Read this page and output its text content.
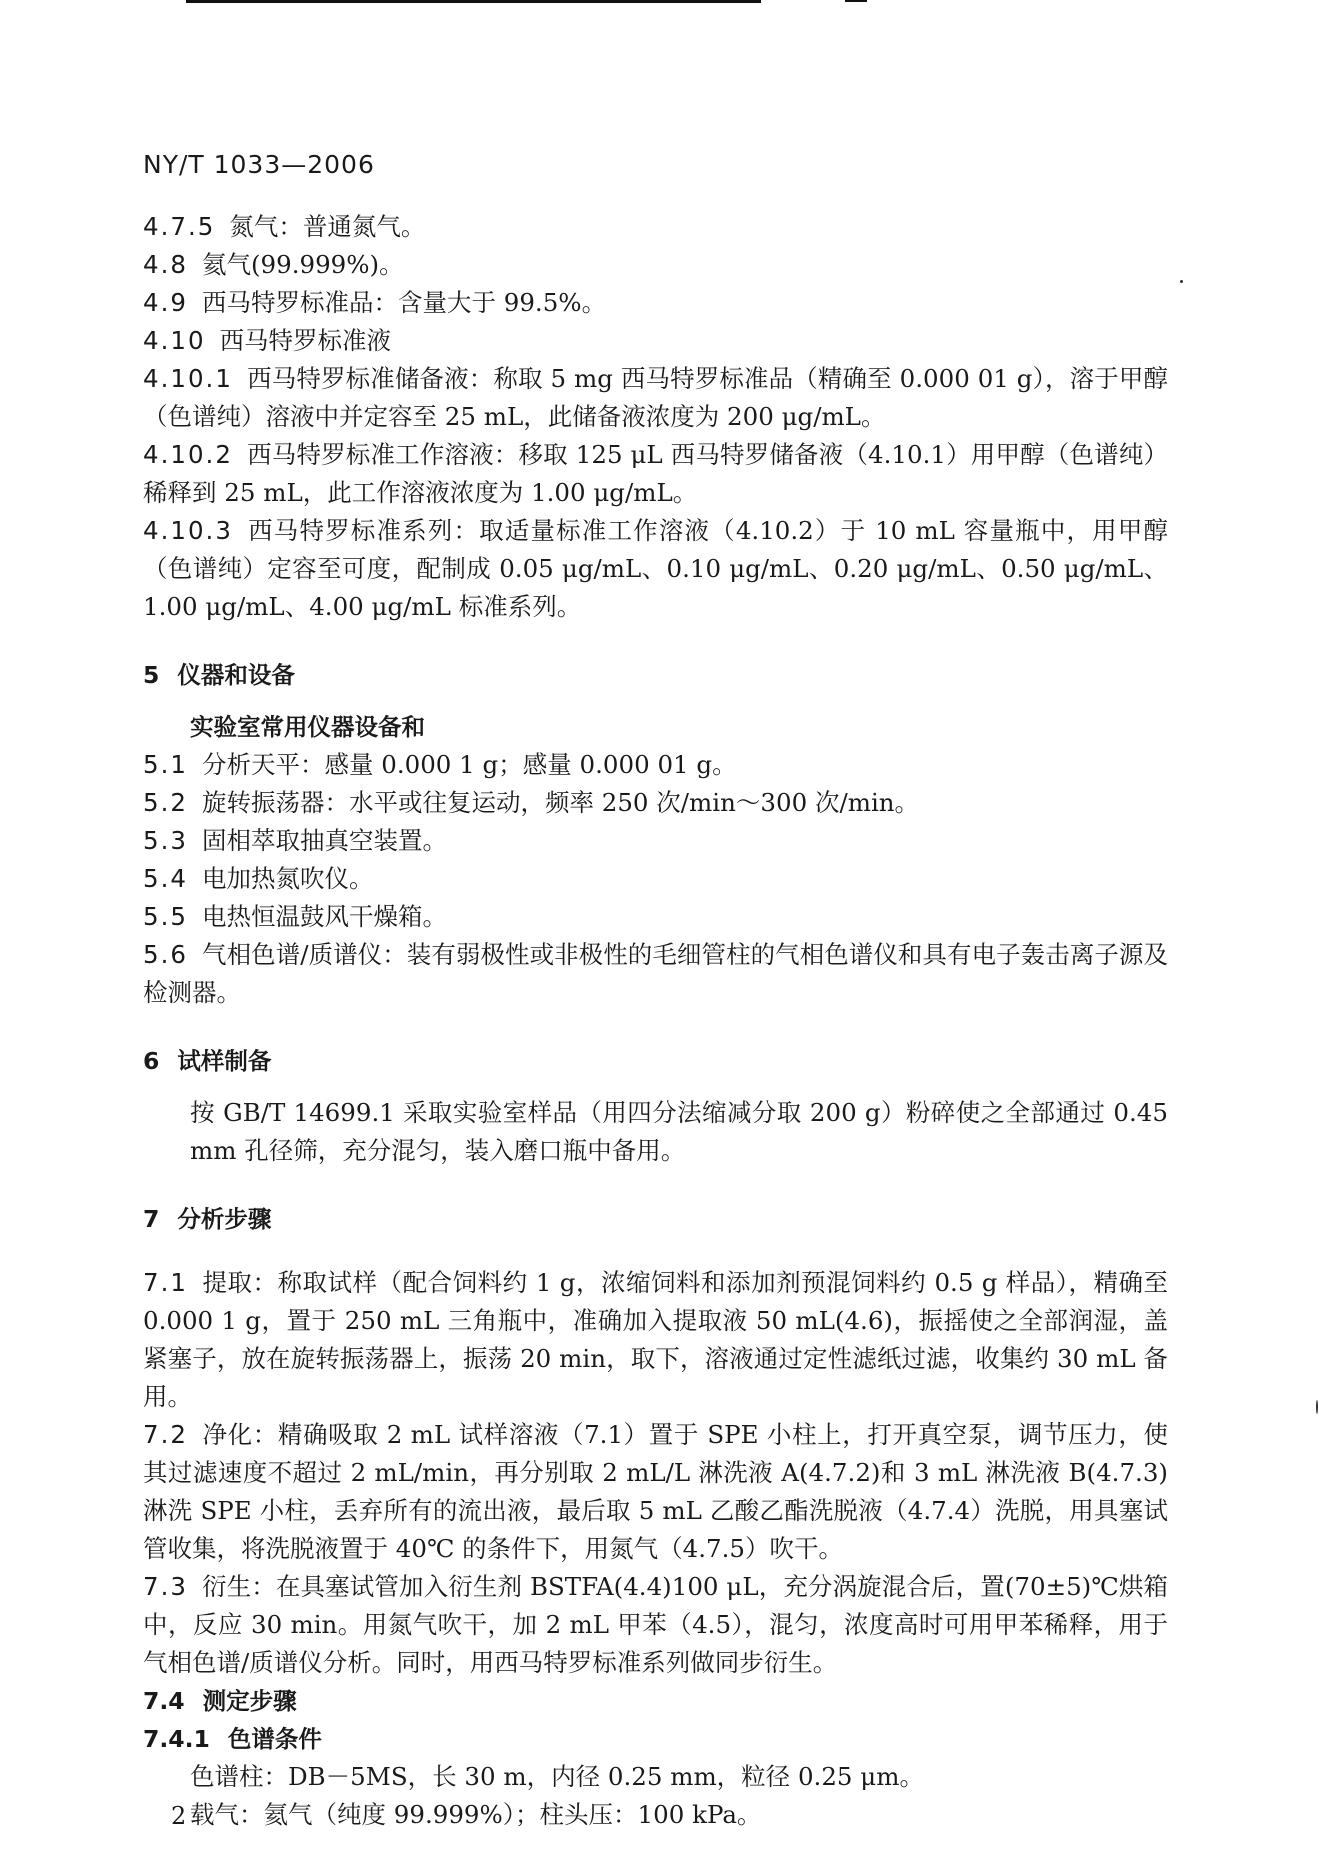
NY/T 1033—2006

4.7.5 氮气：普通氮气。

4.8 氦气(99.999%)。

4.9 西马特罗标准品：含量大于 99.5%。

4.10 西马特罗标准液

4.10.1 西马特罗标准储备液：称取 5 mg 西马特罗标准品（精确至 0.000 01 g），溶于甲醇（色谱纯）溶液中并定容至 25 mL，此储备液浓度为 200 μg/mL。

4.10.2 西马特罗标准工作溶液：移取 125 μL 西马特罗储备液（4.10.1）用甲醇（色谱纯）稀释到 25 mL，此工作溶液浓度为 1.00 μg/mL。

4.10.3 西马特罗标准系列：取适量标准工作溶液（4.10.2）于 10 mL 容量瓶中，用甲醇（色谱纯）定容至可度，配制成 0.05 μg/mL、0.10 μg/mL、0.20 μg/mL、0.50 μg/mL、1.00 μg/mL、4.00 μg/mL 标准系列。

5 仪器和设备

实验室常用仪器设备和

5.1 分析天平：感量 0.000 1 g；感量 0.000 01 g。

5.2 旋转振荡器：水平或往复运动，频率 250 次/min～300 次/min。

5.3 固相萃取抽真空装置。

5.4 电加热氮吹仪。

5.5 电热恒温鼓风干燥箱。

5.6 气相色谱/质谱仪：装有弱极性或非极性的毛细管柱的气相色谱仪和具有电子轰击离子源及检测器。

6 试样制备

按 GB/T 14699.1 采取实验室样品（用四分法缩减分取 200 g）粉碎使之全部通过 0.45 mm 孔径筛，充分混匀，装入磨口瓶中备用。

7 分析步骤

7.1 提取：称取试样（配合饲料约 1 g，浓缩饲料和添加剂预混饲料约 0.5 g 样品），精确至 0.000 1 g，置于 250 mL 三角瓶中，准确加入提取液 50 mL(4.6)，振摇使之全部润湿，盖紧塞子，放在旋转振荡器上，振荡 20 min，取下，溶液通过定性滤纸过滤，收集约 30 mL 备用。

7.2 净化：精确吸取 2 mL 试样溶液（7.1）置于 SPE 小柱上，打开真空泵，调节压力，使其过滤速度不超过 2 mL/min，再分别取 2 mL/L 淋洗液 A(4.7.2)和 3 mL 淋洗液 B(4.7.3)淋洗 SPE 小柱，丢弃所有的流出液，最后取 5 mL 乙酸乙酯洗脱液（4.7.4）洗脱，用具塞试管收集，将洗脱液置于 40℃ 的条件下，用氮气（4.7.5）吹干。

7.3 衍生：在具塞试管加入衍生剂 BSTFA(4.4)100 μL，充分涡旋混合后，置(70±5)℃烘箱中，反应 30 min。用氮气吹干，加 2 mL 甲苯（4.5），混匀，浓度高时可用甲苯稀释，用于气相色谱/质谱仪分析。同时，用西马特罗标准系列做同步衍生。

7.4 测定步骤

7.4.1 色谱条件

色谱柱：DB－5MS，长 30 m，内径 0.25 mm，粒径 0.25 μm。

载气：氦气（纯度 99.999%）；柱头压：100 kPa。

2
